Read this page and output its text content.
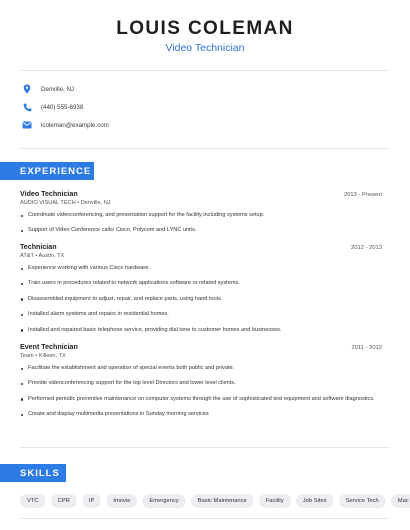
LOUIS COLEMAN
Video Technician
Denville, NJ
(440) 555-6938
lcoleman@example.com
EXPERIENCE
Video Technician	2013 - Present
AUDIO VISUAL TECH • Denville, NJ
Coordinate videoconferencing, and presentation support for the facility including systems setup.
Support of Video Conference calls/ Cisco, Polycom and LYNC units.
Technician	2012 - 2013
AT&T • Austin, TX
Experience working with various Cisco hardware.
Train users in procedures related to network applications software or related systems.
Disassembled equipment to adjust, repair, and replace parts, using hand tools.
Installed alarm systems and repairs in residential homes.
Installed and repaired basic telephone service, providing dial tone to customer homes and businesses.
Event Technician	2011 - 2012
Team • Killeen, TX
Facilitate the establishment and operation of special events both public and private.
Provide videoconferencing support for the top level Directors and lower level clients.
Performed periodic preventive maintenance on computer systems through the use of sophisticated test equipment and software diagnostics.
Create and display multimedia presentations in Sunday morning services
SKILLS
VTC	CPR	IP	Imovie	Emergency	Basic Maintenance	Facility	Job Sites	Service Tech	Mac
